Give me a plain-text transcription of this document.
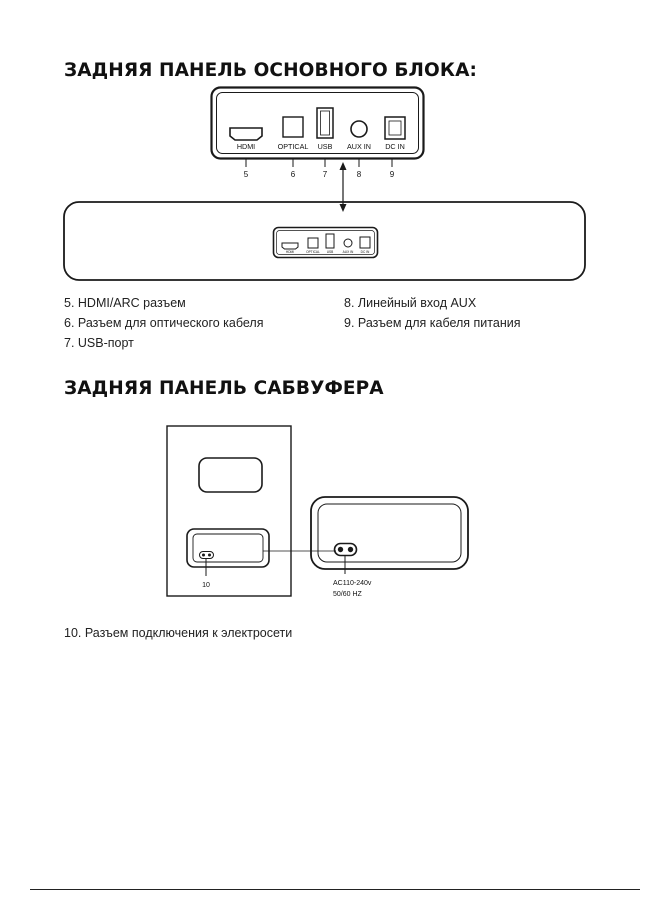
ЗАДНЯЯ ПАНЕЛЬ ОСНОВНОГО БЛОКА:
HDMI	OPTICAL USB AUX IN DC IN
5	6	7	8	9
HDMI	OPTICAL USB	AUX IN DC IN
5. HDMI/ARC разъем
6. Разъем для оптического кабеля
7. USB-порт
8. Линейный вход AUX
9. Разъем для кабеля питания
ЗАДНЯЯ ПАНЕЛЬ САБВУФЕРА
10	AC110-240v
50/60 HZ
10. Разъем подключения к электросети
